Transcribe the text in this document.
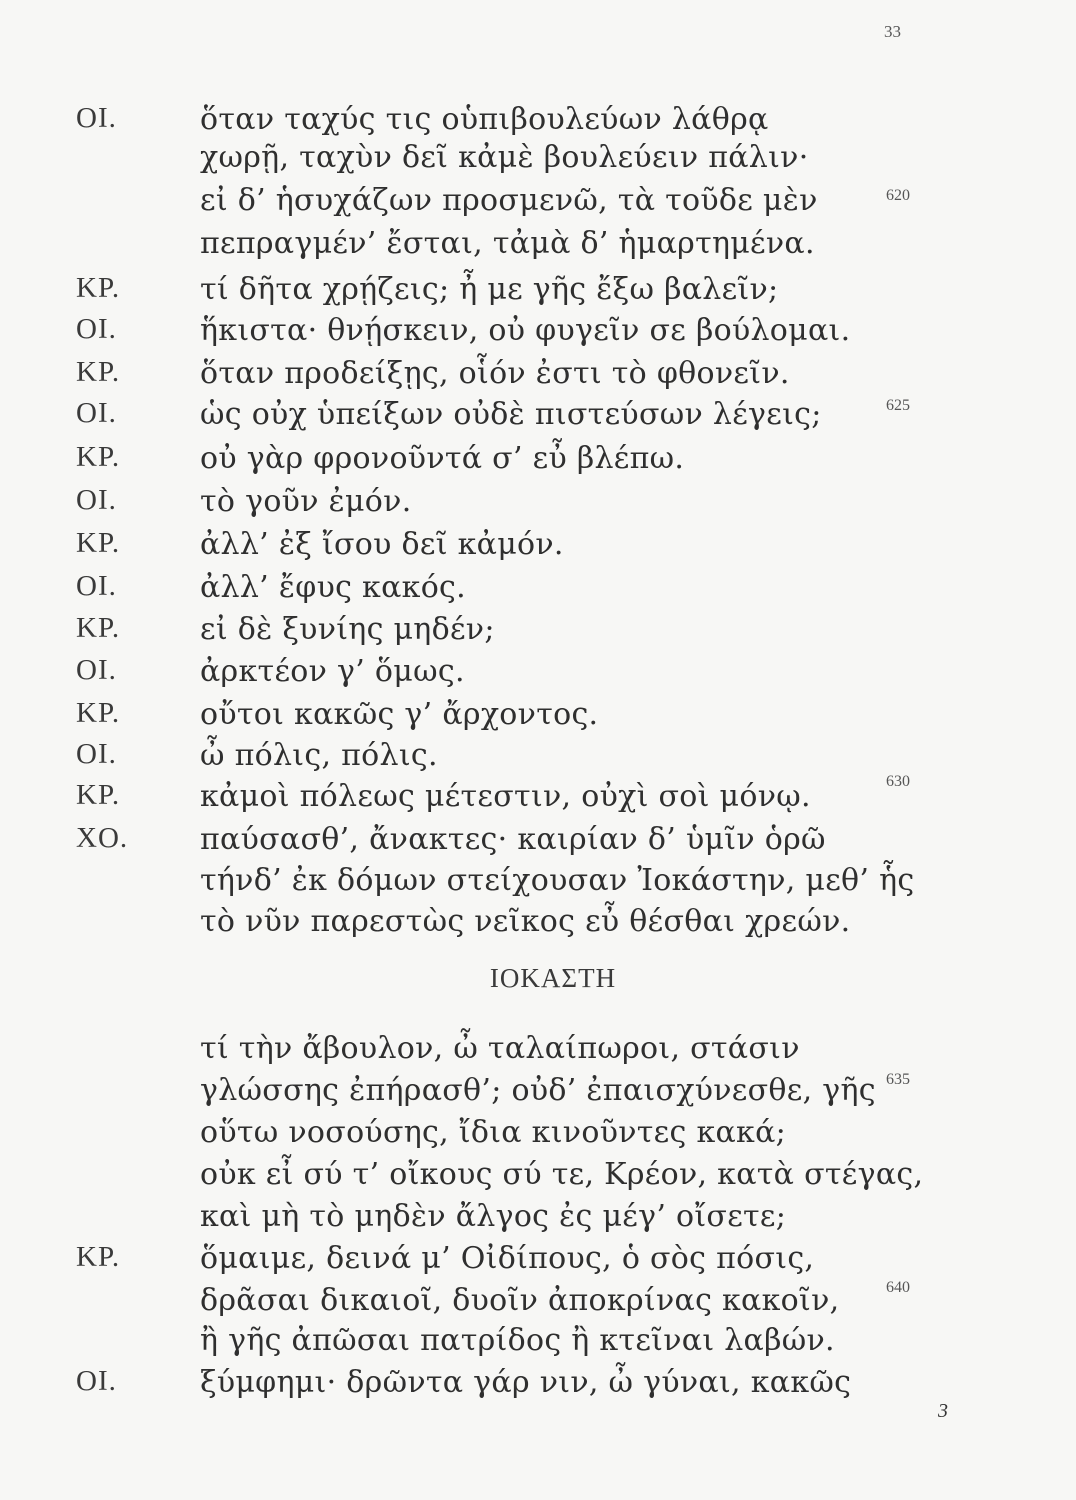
33
ΟΙ.	ὅταν ταχύς τις οὑπιβουλεύων λάθρᾳ
χωρῇ, ταχὺν δεῖ κἀμὲ βουλεύειν πάλιν·
εἰ δ’ ἡσυχάζων προσμενῶ, τὰ τοῦδε μὲν	620
πεπραγμέν’ ἔσται, τἀμὰ δ’ ἡμαρτημένα.
ΚΡ.	τί δῆτα χρῄζεις; ἦ με γῆς ἔξω βαλεῖν;
ΟΙ.	ἥκιστα· θνῄσκειν, οὐ φυγεῖν σε βούλομαι.
ΚΡ.	ὅταν προδείξῃς, οἷόν ἐστι τὸ φθονεῖν.
ΟΙ.	ὡς οὐχ ὑπείξων οὐδὲ πιστεύσων λέγεις;	625
ΚΡ.	οὐ γὰρ φρονοῦντά σ’ εὖ βλέπω.
ΟΙ.	τὸ γοῦν ἐμόν.
ΚΡ.	ἀλλ’ ἐξ ἴσου δεῖ κἀμόν.
ΟΙ.	ἀλλ’ ἔφυς κακός.
ΚΡ.	εἰ δὲ ξυνίης μηδέν;
ΟΙ.	ἀρκτέον γ’ ὅμως.
ΚΡ.	οὔτοι κακῶς γ’ ἄρχοντος.
ΟΙ.	ὦ πόλις, πόλις.
ΚΡ.	κἀμοὶ πόλεως μέτεστιν, οὐχὶ σοὶ μόνῳ.	630
ΧΟ. παύσασθ’, ἄνακτες· καιρίαν δ’ ὑμῖν ὁρῶ
τήνδ’ ἐκ δόμων στείχουσαν Ἰοκάστην, μεθ’ ἧς
τὸ νῦν παρεστὼς νεῖκος εὖ θέσθαι χρεών.
ΙΟΚΑΣΤΗ
τί τὴν ἄβουλον, ὦ ταλαίπωροι, στάσιν
γλώσσης ἐπήρασθ’; οὐδ’ ἐπαισχύνεσθε, γῆς 635
οὕτω νοσούσης, ἴδια κινοῦντες κακά;
οὐκ εἶ σύ τ’ οἴκους σύ τε, Κρέον, κατὰ στέγας,
καὶ μὴ τὸ μηδὲν ἄλγος ἐς μέγ’ οἴσετε;
ΚΡ.	ὅμαιμε, δεινά μ’ Οἰδίπους, ὁ σὸς πόσις,
δρᾶσαι δικαιοῖ, δυοῖν ἀποκρίνας κακοῖν,	640
ἢ γῆς ἀπῶσαι πατρίδος ἢ κτεῖναι λαβών.
ΟΙ.	ξύμφημι· δρῶντα γάρ νιν, ὦ γύναι, κακῶς
3
